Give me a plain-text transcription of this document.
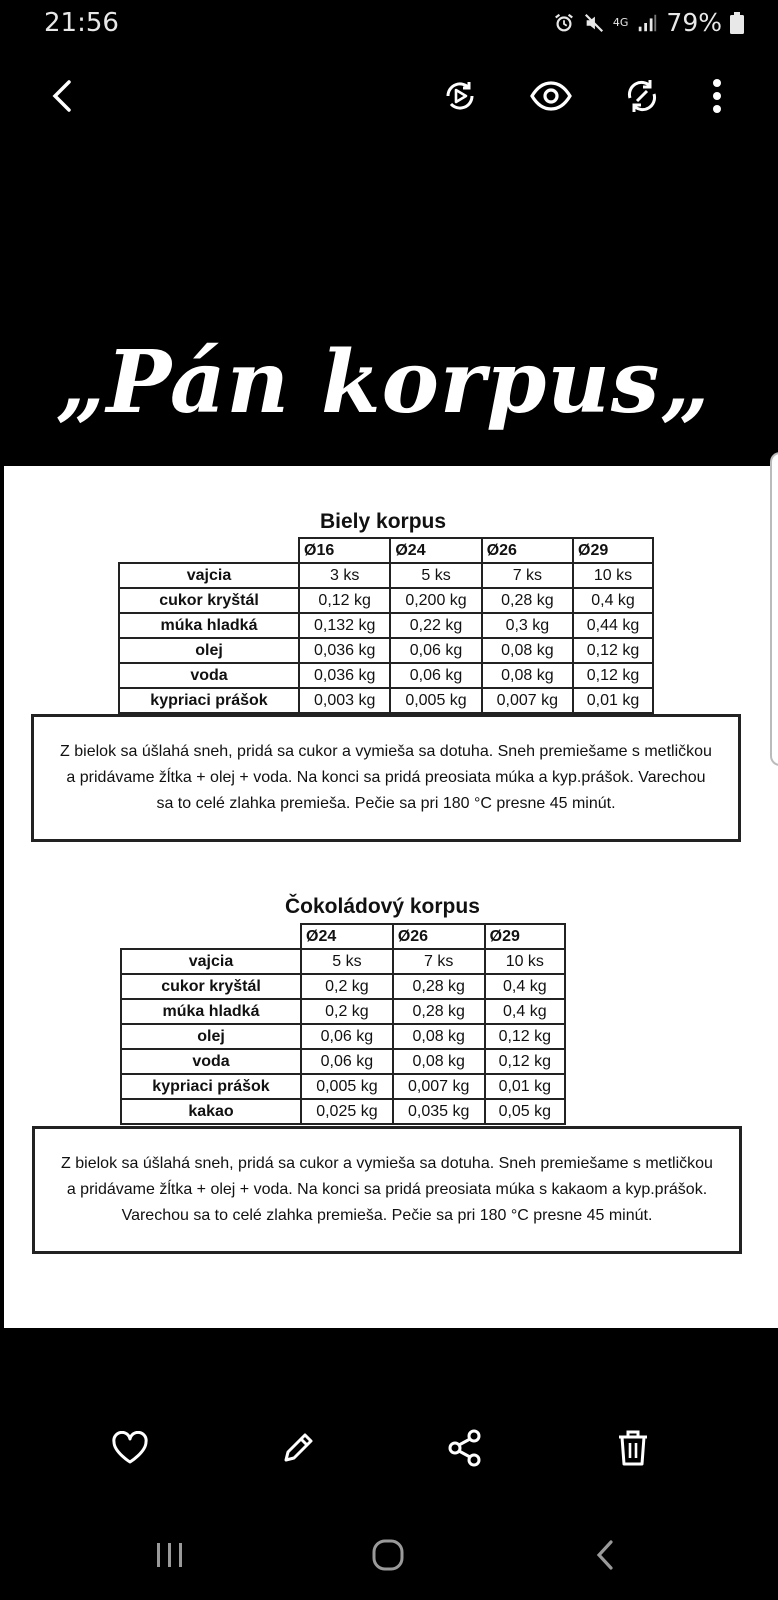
21:56	4G 79%
„Pán korpus„
Biely korpus
	Ø16	Ø24	Ø26	Ø29
vajcia	3 ks	5 ks	7 ks	10 ks
cukor kryštál	0,12 kg	0,200 kg	0,28 kg	0,4 kg
múka hladká	0,132 kg	0,22 kg	0,3 kg	0,44 kg
olej	0,036 kg	0,06 kg	0,08 kg	0,12 kg
voda	0,036 kg	0,06 kg	0,08 kg	0,12 kg
kypriaci prášok	0,003 kg	0,005 kg	0,007 kg	0,01 kg
Z bielok sa úšlahá sneh, pridá sa cukor a vymieša sa dotuha. Sneh premiešame s metličkou
a pridávame žĺtka + olej + voda. Na konci sa pridá preosiata múka a kyp.prášok. Varechou
sa to celé zlahka premieša. Pečie sa pri 180 °C presne 45 minút.
Čokoládový korpus
	Ø24	Ø26	Ø29
vajcia	5 ks	7 ks	10 ks
cukor kryštál	0,2 kg	0,28 kg	0,4 kg
múka hladká	0,2 kg	0,28 kg	0,4 kg
olej	0,06 kg	0,08 kg	0,12 kg
voda	0,06 kg	0,08 kg	0,12 kg
kypriaci prášok	0,005 kg	0,007 kg	0,01 kg
kakao	0,025 kg	0,035 kg	0,05 kg
Z bielok sa úšlahá sneh, pridá sa cukor a vymieša sa dotuha. Sneh premiešame s metličkou
a pridávame žĺtka + olej + voda. Na konci sa pridá preosiata múka s kakaom a kyp.prášok.
Varechou sa to celé zlahka premieša. Pečie sa pri 180 °C presne 45 minút.
